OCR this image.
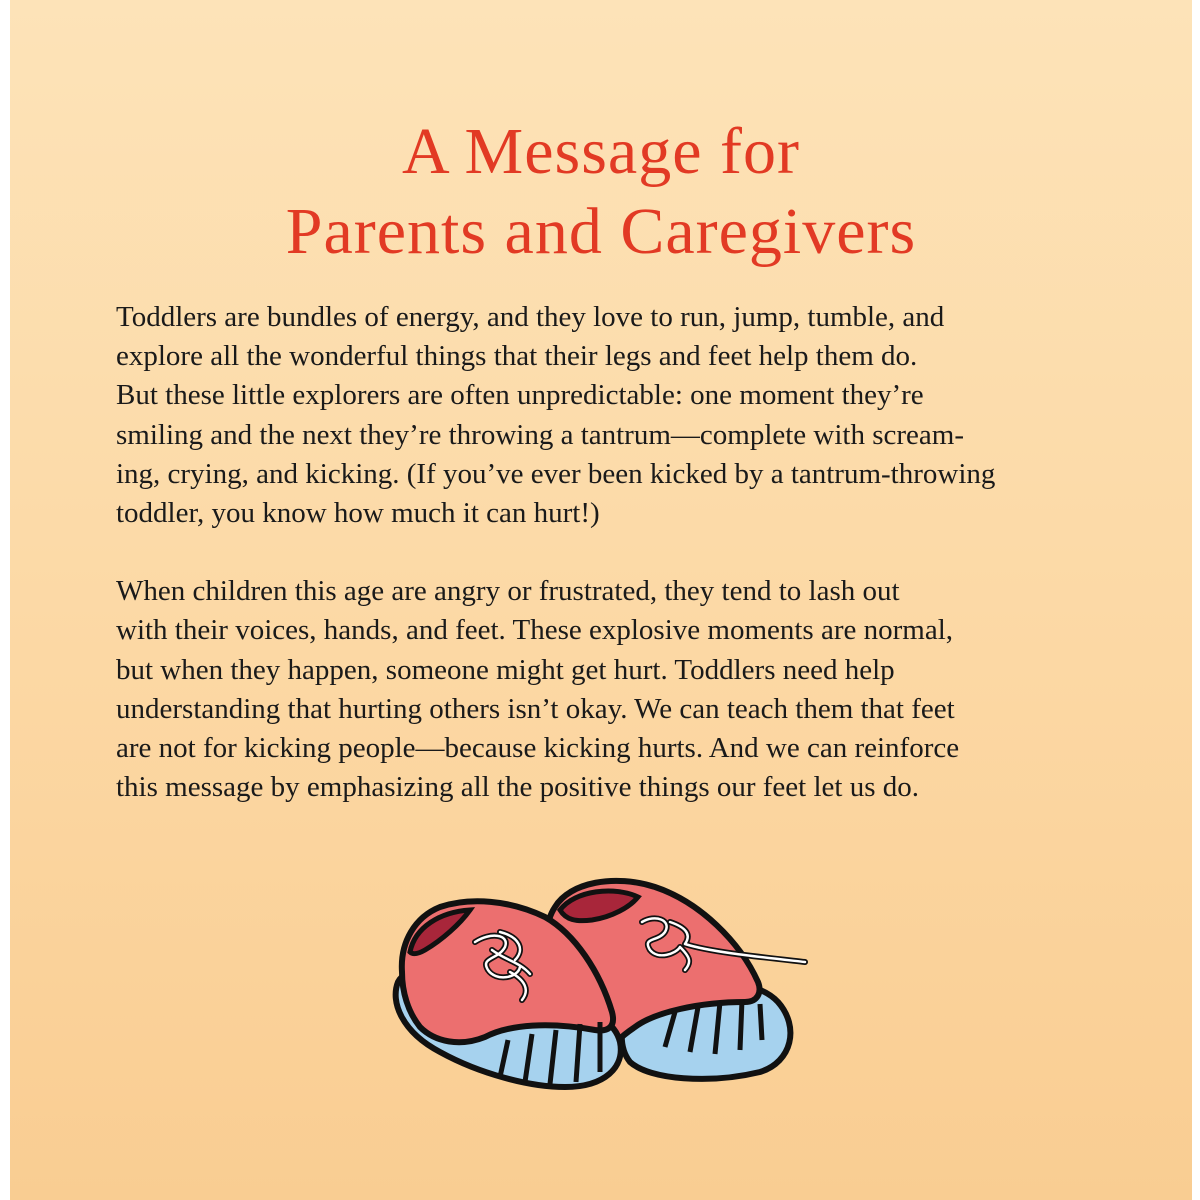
A Message for
Parents and Caregivers

Toddlers are bundles of energy, and they love to run, jump, tumble, and
explore all the wonderful things that their legs and feet help them do.
But these little explorers are often unpredictable: one moment they’re
smiling and the next they’re throwing a tantrum—complete with scream-
ing, crying, and kicking. (If you’ve ever been kicked by a tantrum-throwing
toddler, you know how much it can hurt!)

When children this age are angry or frustrated, they tend to lash out
with their voices, hands, and feet. These explosive moments are normal,
but when they happen, someone might get hurt. Toddlers need help
understanding that hurting others isn’t okay. We can teach them that feet
are not for kicking people—because kicking hurts. And we can reinforce
this message by emphasizing all the positive things our feet let us do.
